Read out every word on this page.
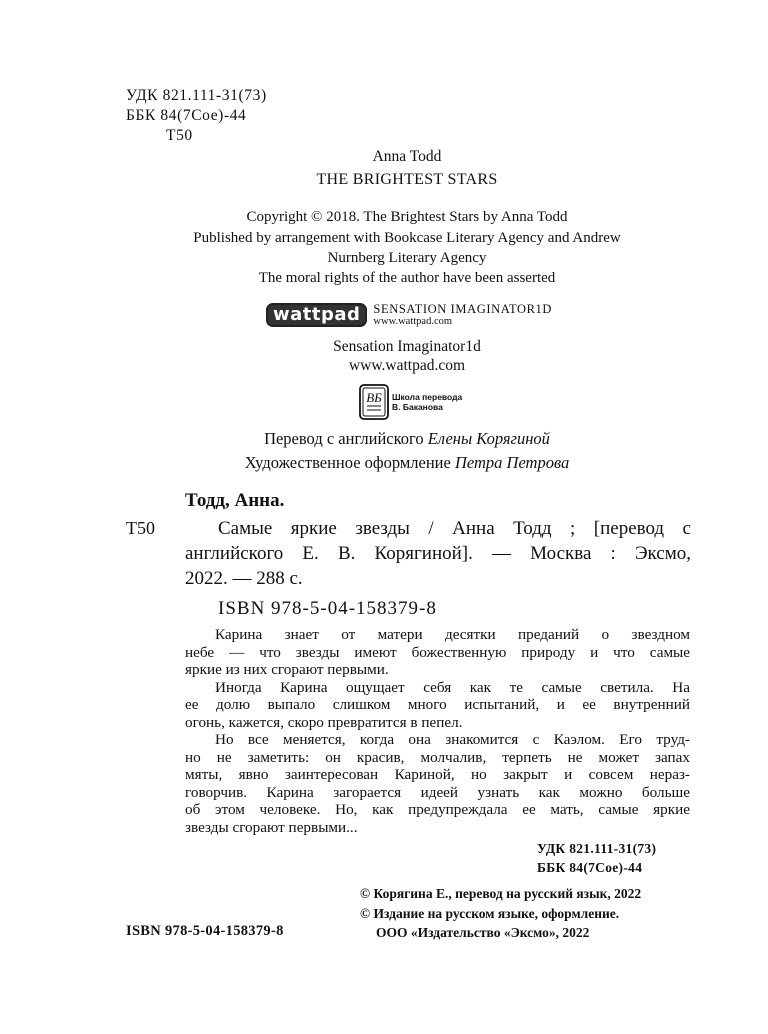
УДК 821.111-31(73)
ББК 84(7Сое)-44
Т50
Anna Todd
THE BRIGHTEST STARS
Copyright © 2018. The Brightest Stars by Anna Todd
Published by arrangement with Bookcase Literary Agency and Andrew
Nurnberg Literary Agency
The moral rights of the author have been asserted
wattpad	SENSATION IMAGINATOR1D
www.wattpad.com
Sensation Imaginator1d
www.wattpad.com
ВБ Школа перевода
В. Баканова
Перевод с английского Елены Корягиной
Художественное оформление Петра Петрова
Тодд, Анна.
Т50	Самые яркие звезды / Анна Тодд ; [перевод с
английского Е. В. Корягиной]. — Москва : Эксмо,
2022. — 288 с.
ISBN 978-5-04-158379-8
Карина знает от матери десятки преданий о звездном
небе — что звезды имеют божественную природу и что самые
яркие из них сгорают первыми.
Иногда Карина ощущает себя как те самые светила. На
ее долю выпало слишком много испытаний, и ее внутренний
огонь, кажется, скоро превратится в пепел.
Но все меняется, когда она знакомится с Каэлом. Его труд-
но не заметить: он красив, молчалив, терпеть не может запах
мяты, явно заинтересован Кариной, но закрыт и совсем нераз-
говорчив. Карина загорается идеей узнать как можно больше
об этом человеке. Но, как предупреждала ее мать, самые яркие
звезды сгорают первыми...
УДК 821.111-31(73)
ББК 84(7Сое)-44
ISBN 978-5-04-158379-8
© Корягина Е., перевод на русский язык, 2022
© Издание на русском языке, оформление.
ООО «Издательство «Эксмо», 2022
